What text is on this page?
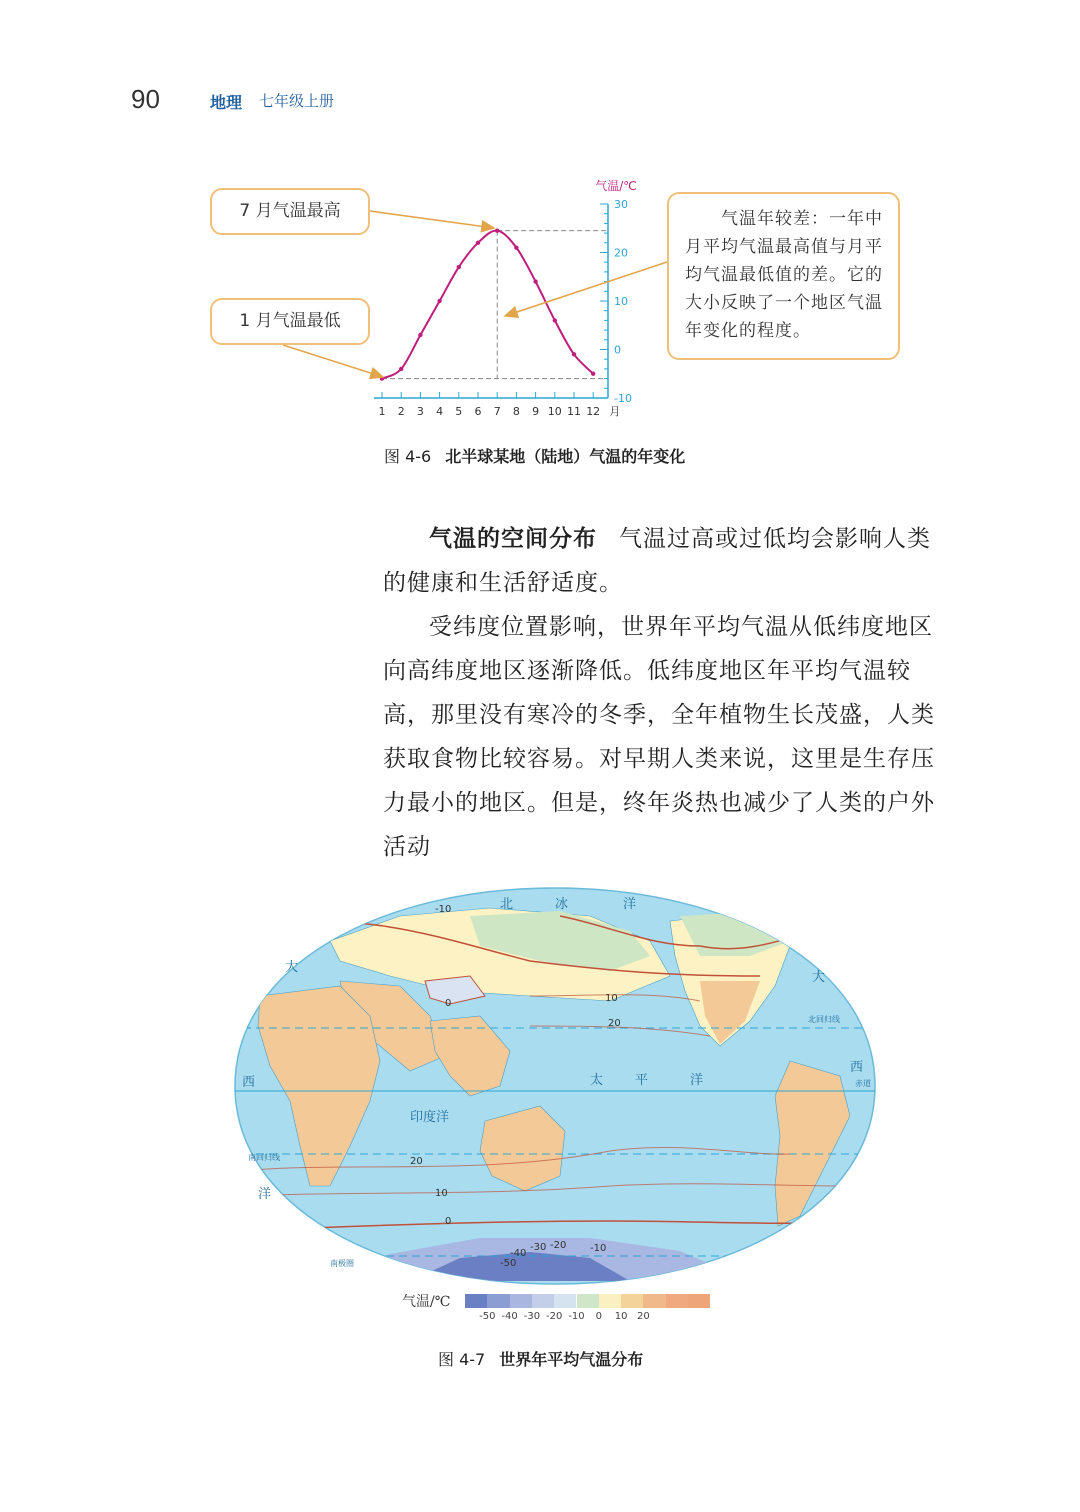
90	地理 七年级上册
-10
0
10
20
30
1 2 3 4 5 6 7 8 9 10 11 12 月
气温/℃
7 月气温最高
1 月气温最低
气温年较差：一年中月平均气温最高值与月平均气温最低值的差。它的大小反映了一个地区气温年变化的程度。
图 4-6 北半球某地（陆地）气温的年变化
气温的空间分布 气温过高或过低均会影响人类的健康和生活舒适度。
受纬度位置影响，世界年平均气温从低纬度地区向高纬度地区逐渐降低。低纬度地区年平均气温较高，那里没有寒冷的冬季，全年植物生长茂盛，人类获取食物比较容易。对早期人类来说，这里是生存压力最小的地区。但是，终年炎热也减少了人类的户外活动
北	冰	洋
太 平	洋
印度洋
大
西
洋
大
西
北回归线
赤道
南回归线
南极圈
-10
0	10
20
20
10
0
-10
-20
-30
-40
-50
气温/℃
-50 -40 -30 -20 -10	0	10 20
图 4-7 世界年平均气温分布
